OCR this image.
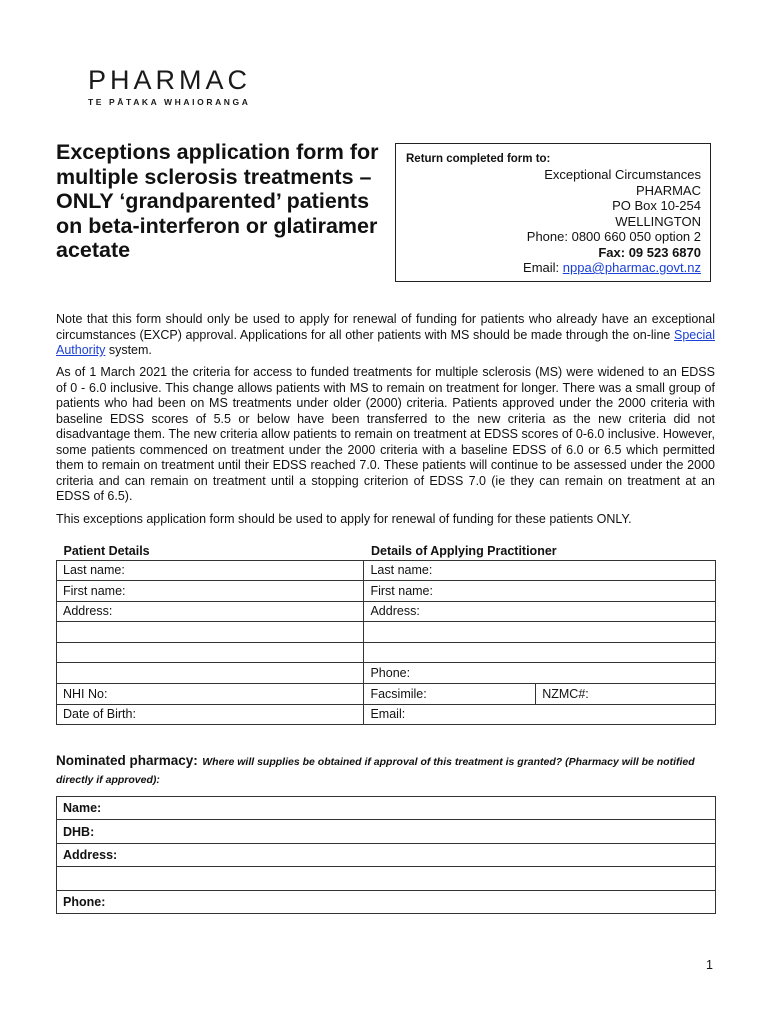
PHARMAC
TE PĀTAKA WHAIORANGA
Exceptions application form for multiple sclerosis treatments – ONLY ‘grandparented’ patients on beta-interferon or glatiramer acetate
Return completed form to:
Exceptional Circumstances
PHARMAC
PO Box 10-254
WELLINGTON
Phone: 0800 660 050 option 2
Fax: 09 523 6870
Email: nppa@pharmac.govt.nz
Note that this form should only be used to apply for renewal of funding for patients who already have an exceptional circumstances (EXCP) approval. Applications for all other patients with MS should be made through the on-line Special Authority system.
As of 1 March 2021 the criteria for access to funded treatments for multiple sclerosis (MS) were widened to an EDSS of 0 - 6.0 inclusive. This change allows patients with MS to remain on treatment for longer. There was a small group of patients who had been on MS treatments under older (2000) criteria. Patients approved under the 2000 criteria with baseline EDSS scores of 5.5 or below have been transferred to the new criteria as the new criteria did not disadvantage them. The new criteria allow patients to remain on treatment at EDSS scores of 0-6.0 inclusive. However, some patients commenced on treatment under the 2000 criteria with a baseline EDSS of 6.0 or 6.5 which permitted them to remain on treatment until their EDSS reached 7.0. These patients will continue to be assessed under the 2000 criteria and can remain on treatment until a stopping criterion of EDSS 7.0 (ie they can remain on treatment at an EDSS of 6.5).
This exceptions application form should be used to apply for renewal of funding for these patients ONLY.
Patient Details	Details of Applying Practitioner	
Last name:	Last name:	
First name:	First name:	
Address:	Address:	

	Phone:	
NHI No:	Facsimile:	NZMC#:
Date of Birth:	Email:	
Nominated pharmacy: Where will supplies be obtained if approval of this treatment is granted? (Pharmacy will be notified directly if approved):
Name:
DHB:
Address:

Phone:
1
